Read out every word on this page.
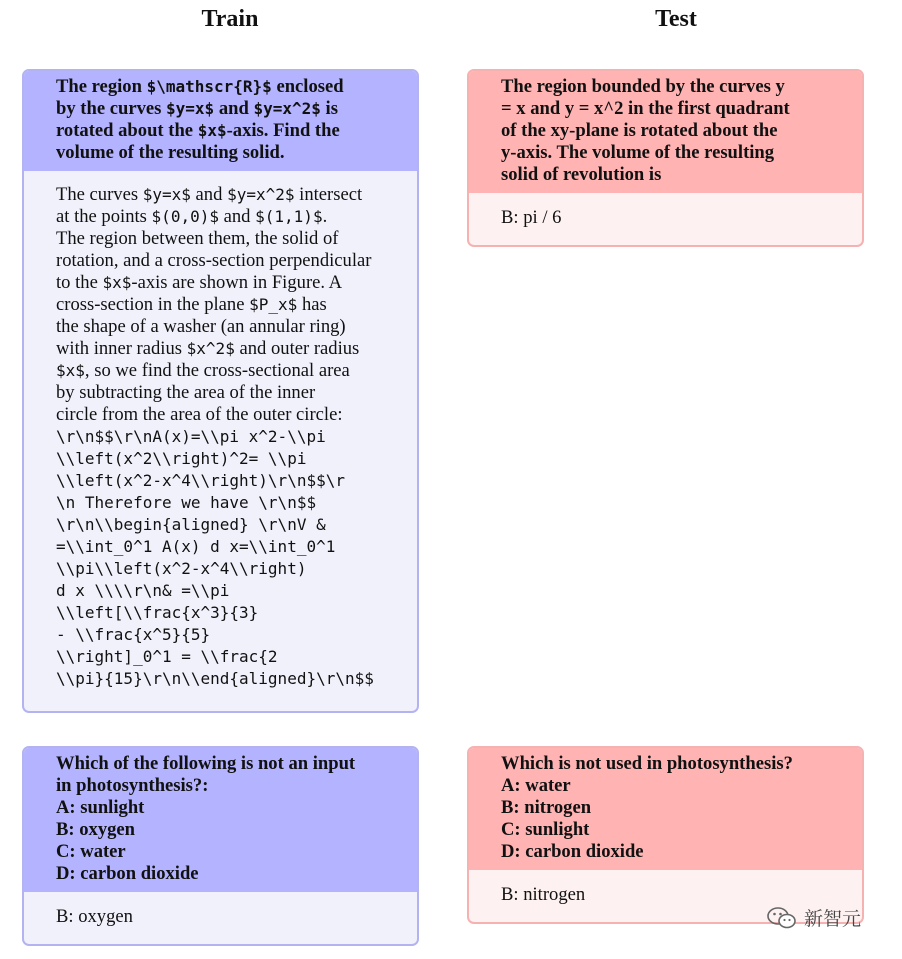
Train	Test
The region $\mathscr{R}$ enclosed
by the curves $y=x$ and $y=x^2$ is
rotated about the $x$-axis. Find the
volume of the resulting solid.
The curves $y=x$ and $y=x^2$ intersect
at the points $(0,0)$ and $(1,1)$.
The region between them, the solid of
rotation, and a cross-section perpendicular
to the $x$-axis are shown in Figure. A
cross-section in the plane $P_x$ has
the shape of a washer (an annular ring)
with inner radius $x^2$ and outer radius
$x$, so we find the cross-sectional area
by subtracting the area of the inner
circle from the area of the outer circle:
\r\n$$\r\nA(x)=\\pi x^2-\\pi
\\left(x^2\\right)^2= \\pi
\\left(x^2-x^4\\right)\r\n$$\r
\n Therefore we have \r\n$$
\r\n\\begin{aligned} \r\nV &
=\\int_0^1 A(x) d x=\\int_0^1
\\pi\\left(x^2-x^4\\right)
d x \\\\r\n& =\\pi
\\left[\\frac{x^3}{3}
- \\frac{x^5}{5}
\\right]_0^1 = \\frac{2
\\pi}{15}\r\n\\end{aligned}\r\n$$
The region bounded by the curves y
= x and y = x^2 in the first quadrant
of the xy-plane is rotated about the
y-axis. The volume of the resulting
solid of revolution is
B: pi / 6
Which of the following is not an input
in photosynthesis?:
A: sunlight
B: oxygen
C: water
D: carbon dioxide
B: oxygen
Which is not used in photosynthesis?
A: water
B: nitrogen
C: sunlight
D: carbon dioxide
B: nitrogen
新智元
